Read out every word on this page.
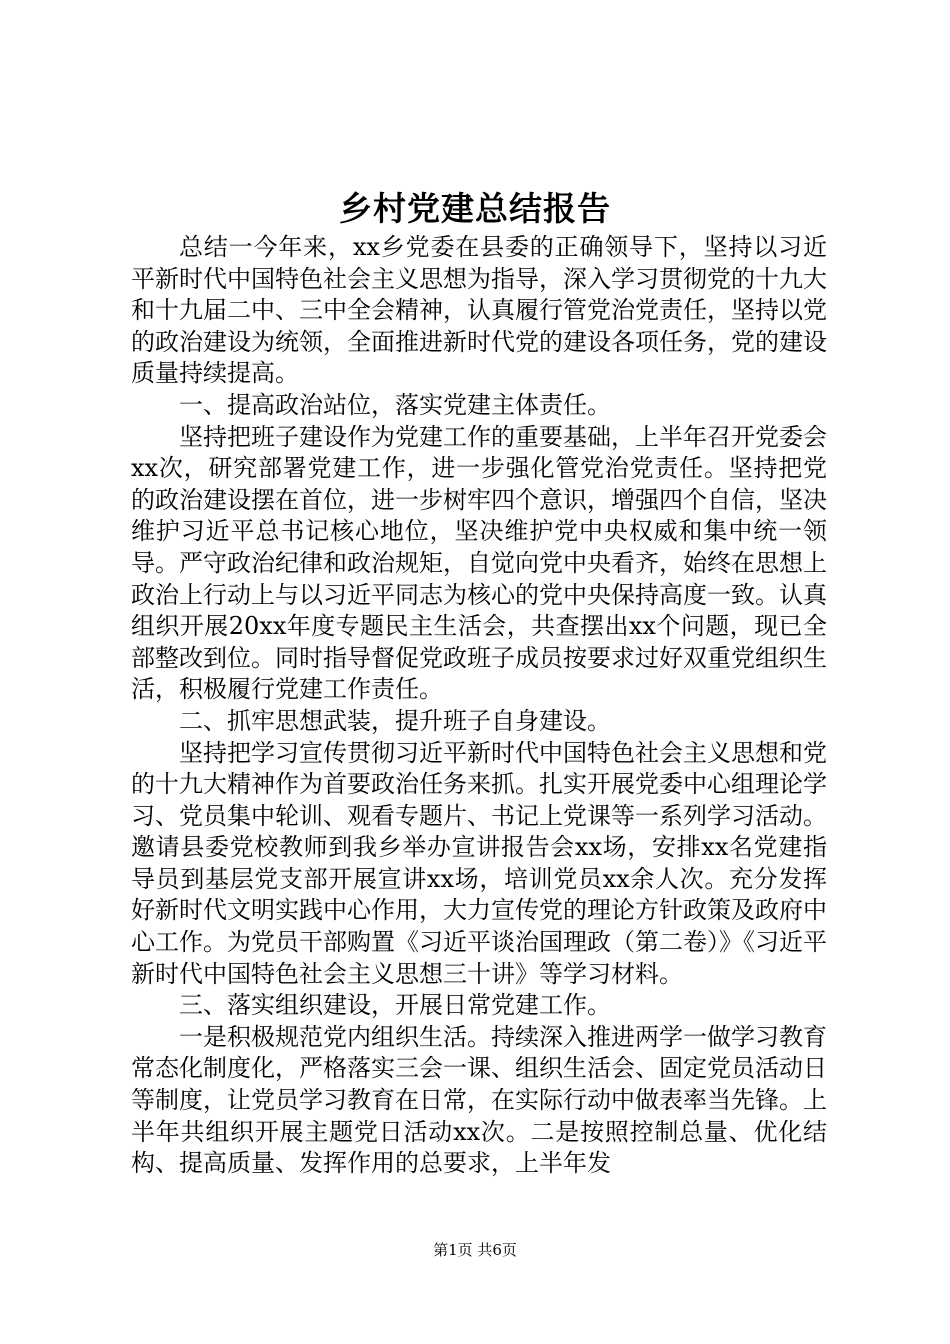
乡村党建总结报告

总结一今年来，xx乡党委在县委的正确领导下，坚持以习近平新时代中国特色社会主义思想为指导，深入学习贯彻党的十九大和十九届二中、三中全会精神，认真履行管党治党责任，坚持以党的政治建设为统领，全面推进新时代党的建设各项任务，党的建设质量持续提高。

一、提高政治站位，落实党建主体责任。

坚持把班子建设作为党建工作的重要基础，上半年召开党委会xx次，研究部署党建工作，进一步强化管党治党责任。坚持把党的政治建设摆在首位，进一步树牢四个意识，增强四个自信，坚决维护习近平总书记核心地位，坚决维护党中央权威和集中统一领导。严守政治纪律和政治规矩，自觉向党中央看齐，始终在思想上政治上行动上与以习近平同志为核心的党中央保持高度一致。认真组织开展20xx年度专题民主生活会，共查摆出xx个问题，现已全部整改到位。同时指导督促党政班子成员按要求过好双重党组织生活，积极履行党建工作责任。

二、抓牢思想武装，提升班子自身建设。

坚持把学习宣传贯彻习近平新时代中国特色社会主义思想和党的十九大精神作为首要政治任务来抓。扎实开展党委中心组理论学习、党员集中轮训、观看专题片、书记上党课等一系列学习活动。邀请县委党校教师到我乡举办宣讲报告会xx场，安排xx名党建指导员到基层党支部开展宣讲xx场，培训党员xx余人次。充分发挥好新时代文明实践中心作用，大力宣传党的理论方针政策及政府中心工作。为党员干部购置《习近平谈治国理政（第二卷）》《习近平新时代中国特色社会主义思想三十讲》等学习材料。

三、落实组织建设，开展日常党建工作。

一是积极规范党内组织生活。持续深入推进两学一做学习教育常态化制度化，严格落实三会一课、组织生活会、固定党员活动日等制度，让党员学习教育在日常，在实际行动中做表率当先锋。上半年共组织开展主题党日活动xx次。二是按照控制总量、优化结构、提高质量、发挥作用的总要求，上半年发

第1页 共6页
